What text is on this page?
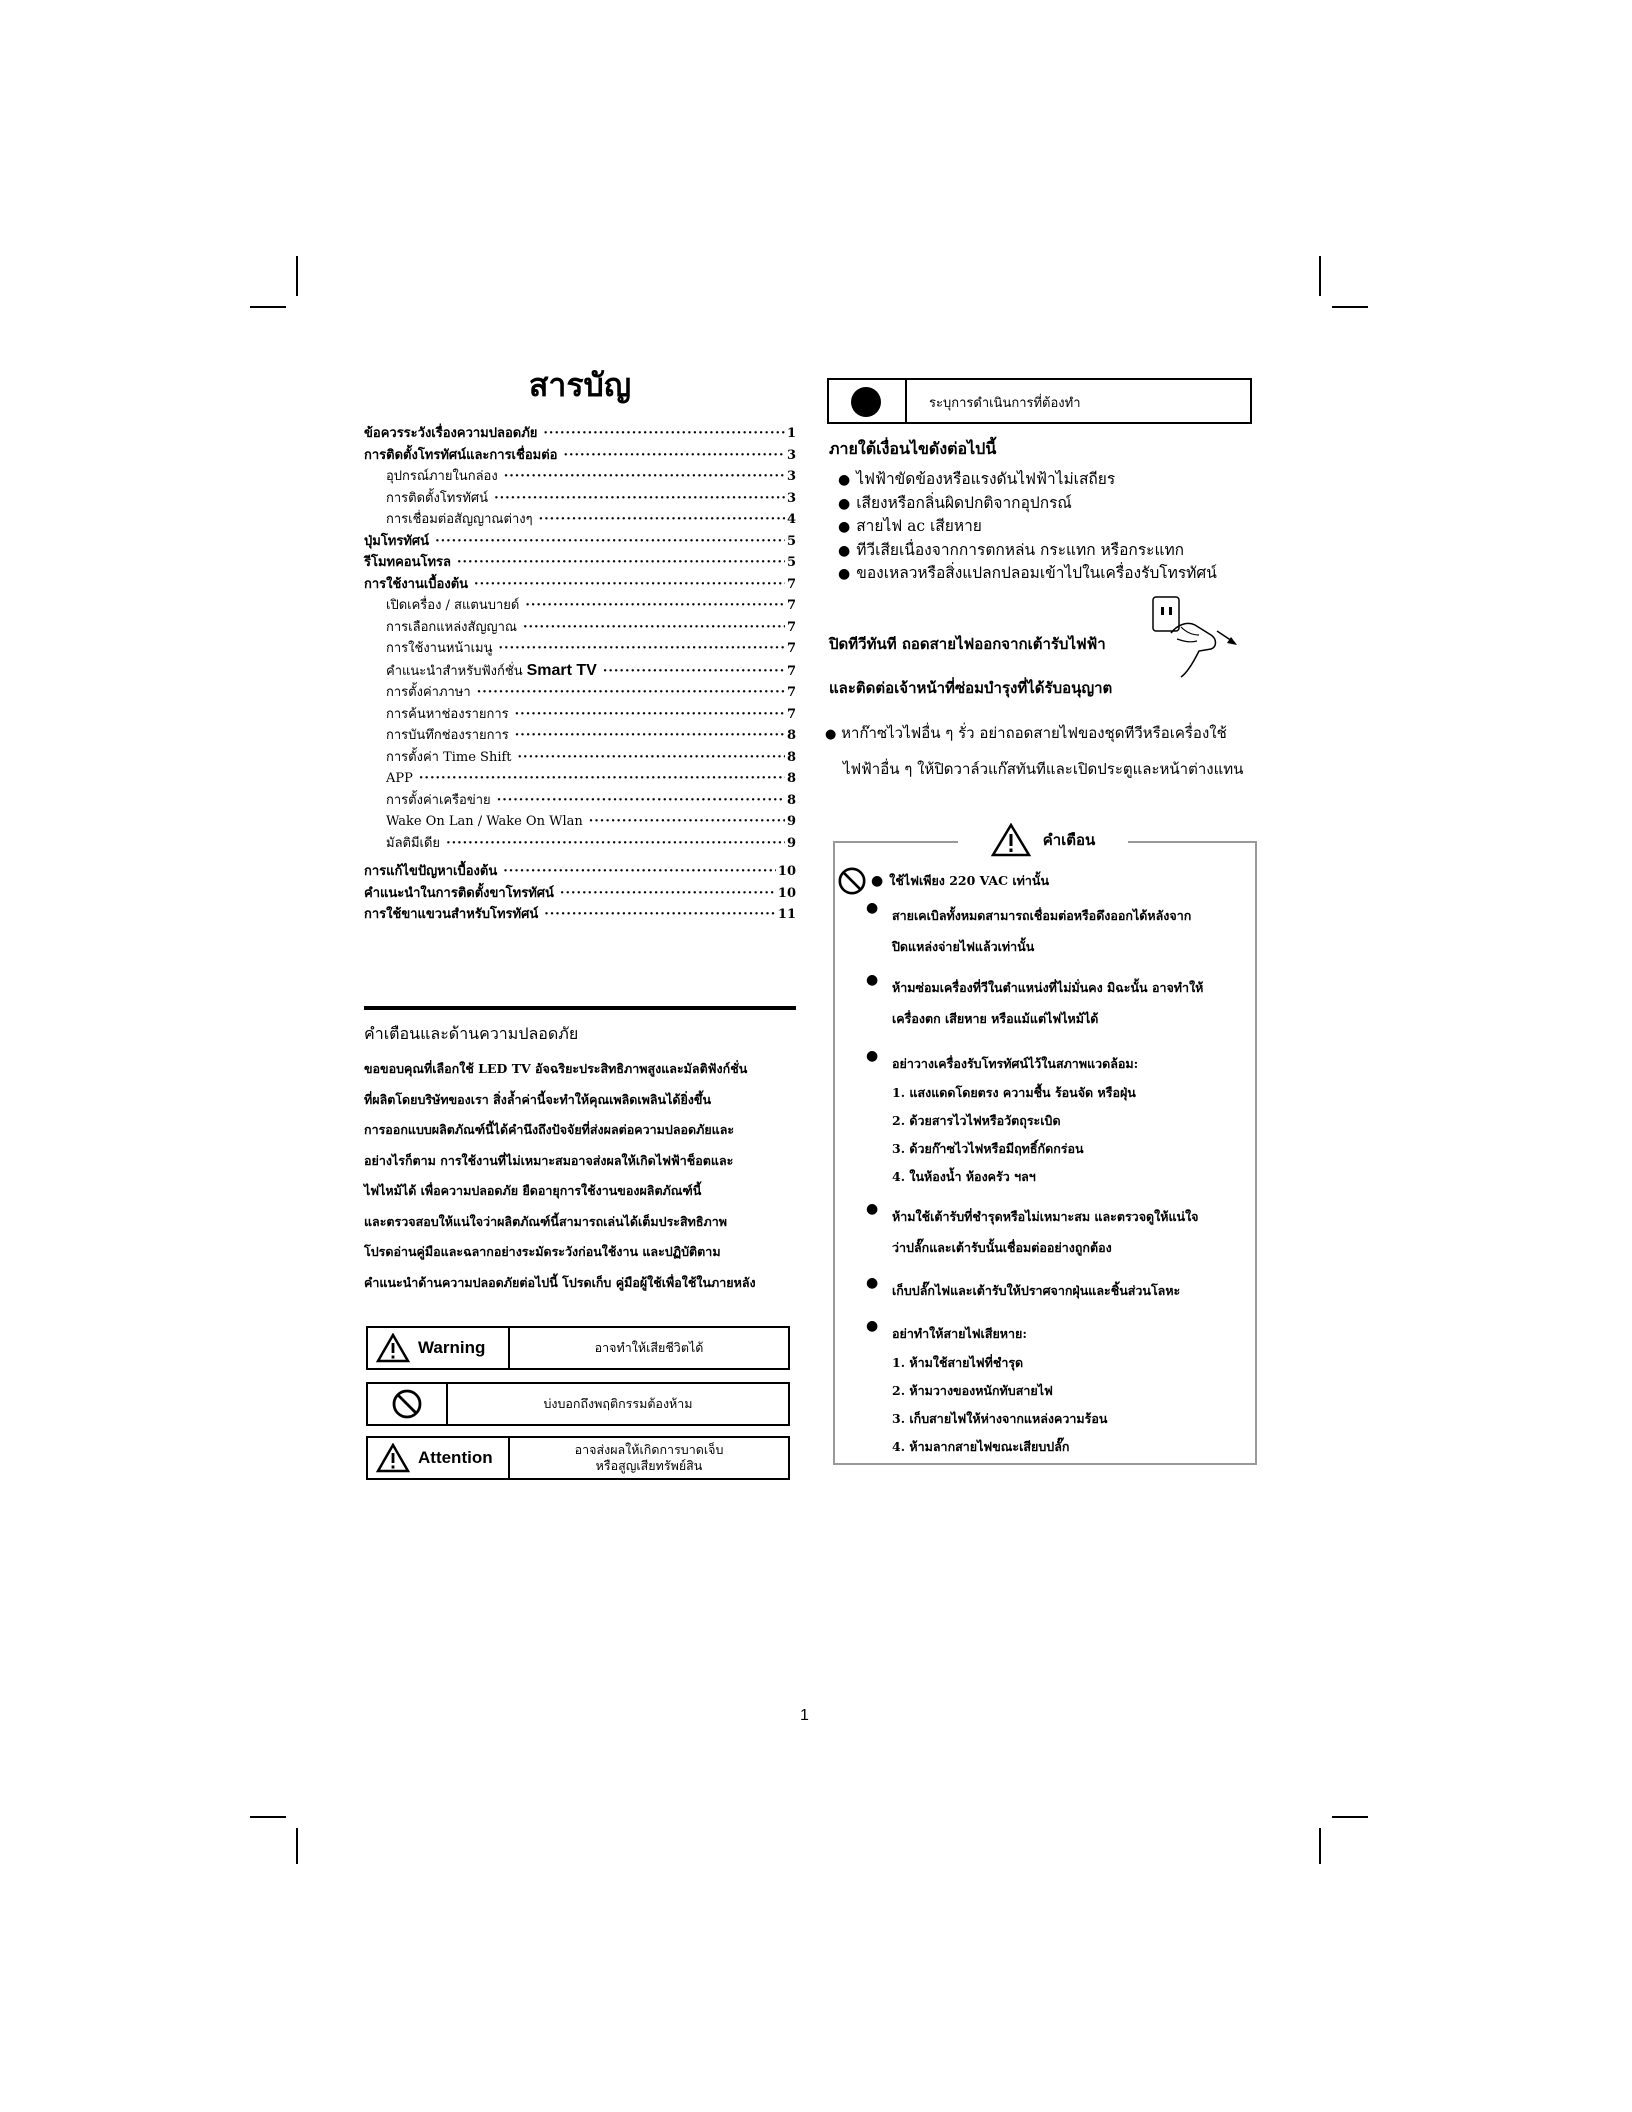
สารบัญ
ข้อควรระวังเรื่องความปลอดภัย ·····	1
การติดตั้งโทรทัศน์และการเชื่อมต่อ ·····	3
อุปกรณ์ภายในกล่อง ·····	3
การติดตั้งโทรทัศน์ ·····	3
การเชื่อมต่อสัญญาณต่างๆ ·····	4
ปุ่มโทรทัศน์ ·····	5
รีโมทคอนโทรล ·····	5
การใช้งานเบื้องต้น ·····	7
เปิดเครื่อง / สแตนบายด์ ·····	7
การเลือกแหล่งสัญญาณ ·····	7
การใช้งานหน้าเมนู ·····	7
คำแนะนำสำหรับฟังก์ชั่น Smart TV ·····	7
การตั้งค่าภาษา ·····	7
การค้นหาช่องรายการ ·····	7
การบันทึกช่องรายการ ·····	8
การตั้งค่า Time Shift ·····	8
APP ·····	8
การตั้งค่าเครือข่าย ·····	8
Wake On Lan / Wake On Wlan ·····	9
มัลติมีเดีย ·····	9
การแก้ไขปัญหาเบื้องต้น ·····	10
คำแนะนำในการติดตั้งขาโทรทัศน์ ·····	10
การใช้ขาแขวนสำหรับโทรทัศน์ ·····	11
คำเตือนและด้านความปลอดภัย

ขอขอบคุณที่เลือกใช้ LED TV อัจฉริยะประสิทธิภาพสูงและมัลติฟังก์ชั่น

ที่ผลิตโดยบริษัทของเรา สิ่งล้ำค่านี้จะทำให้คุณเพลิดเพลินได้ยิ่งขึ้น

การออกแบบผลิตภัณฑ์นี้ได้คำนึงถึงปัจจัยที่ส่งผลต่อความปลอดภัยและ

อย่างไรก็ตาม การใช้งานที่ไม่เหมาะสมอาจส่งผลให้เกิดไฟฟ้าช็อตและ

ไฟไหม้ได้ เพื่อความปลอดภัย ยืดอายุการใช้งานของผลิตภัณฑ์นี้

และตรวจสอบให้แน่ใจว่าผลิตภัณฑ์นี้สามารถเล่นได้เต็มประสิทธิภาพ

โปรดอ่านคู่มือและฉลากอย่างระมัดระวังก่อนใช้งาน และปฏิบัติตาม

คำแนะนำด้านความปลอดภัยต่อไปนี้ โปรดเก็บ คู่มือผู้ใช้เพื่อใช้ในภายหลัง

Warning	อาจทำให้เสียชีวิตได้
บ่งบอกถึงพฤติกรรมต้องห้าม
Attention	อาจส่งผลให้เกิดการบาดเจ็บ
หรือสูญเสียทรัพย์สิน
ระบุการดำเนินการที่ต้องทำ
ภายใต้เงื่อนไขดังต่อไปนี้
● ไฟฟ้าขัดข้องหรือแรงดันไฟฟ้าไม่เสถียร
● เสียงหรือกลิ่นผิดปกติจากอุปกรณ์
● สายไฟ ac เสียหาย
● ทีวีเสียเนื่องจากการตกหล่น กระแทก หรือกระแทก
● ของเหลวหรือสิ่งแปลกปลอมเข้าไปในเครื่องรับโทรทัศน์

ปิดทีวีทันที ถอดสายไฟออกจากเต้ารับไฟฟ้า

และติดต่อเจ้าหน้าที่ซ่อมบำรุงที่ได้รับอนุญาต

● หาก๊าซไวไฟอื่น ๆ รั่ว อย่าถอดสายไฟของชุดทีวีหรือเครื่องใช้

ไฟฟ้าอื่น ๆ ให้ปิดวาล์วแก๊สทันทีและเปิดประตูและหน้าต่างแทน

คำเตือน
● ใช้ไฟเพียง 220 VAC เท่านั้น
● สายเคเบิลทั้งหมดสามารถเชื่อมต่อหรือดึงออกได้หลังจาก

ปิดแหล่งจ่ายไฟแล้วเท่านั้น

● ห้ามซ่อมเครื่องที่วีในตำแหน่งที่ไม่มั่นคง มิฉะนั้น อาจทำให้

เครื่องตก เสียหาย หรือแม้แต่ไฟไหม้ได้

● อย่าวางเครื่องรับโทรทัศน์ไว้ในสภาพแวดล้อม:

1. แสงแดดโดยตรง ความชื้น ร้อนจัด หรือฝุ่น

2. ด้วยสารไวไฟหรือวัตถุระเบิด

3. ด้วยก๊าซไวไฟหรือมีฤทธิ์กัดกร่อน

4. ในห้องน้ำ ห้องครัว ฯลฯ

● ห้ามใช้เต้ารับที่ชำรุดหรือไม่เหมาะสม และตรวจดูให้แน่ใจ

ว่าปลั๊กและเต้ารับนั้นเชื่อมต่ออย่างถูกต้อง

● เก็บปลั๊กไฟและเต้ารับให้ปราศจากฝุ่นและชิ้นส่วนโลหะ

● อย่าทำให้สายไฟเสียหาย:

1. ห้ามใช้สายไฟที่ชำรุด

2. ห้ามวางของหนักทับสายไฟ

3. เก็บสายไฟให้ห่างจากแหล่งความร้อน

4. ห้ามลากสายไฟขณะเสียบปลั๊ก

1
